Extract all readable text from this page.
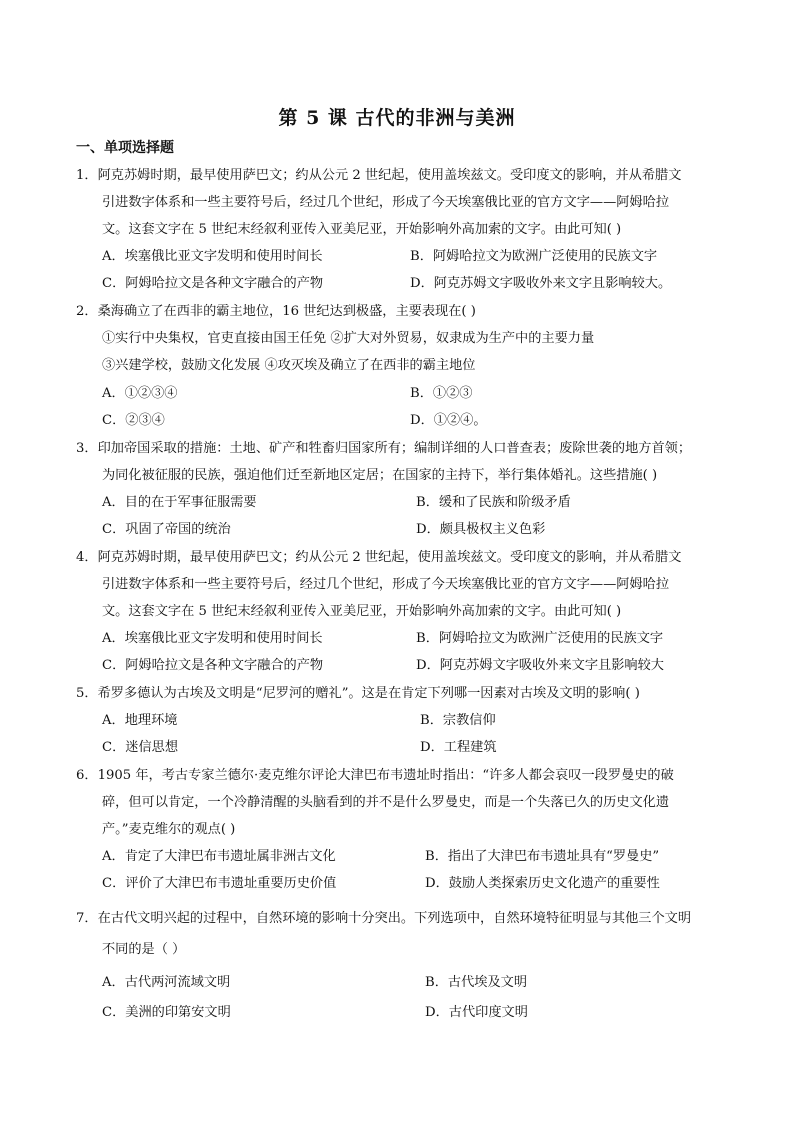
第 5 课 古代的非洲与美洲
一、单项选择题
1．阿克苏姆时期，最早使用萨巴文；约从公元 2 世纪起，使用盖埃兹文。受印度文的影响，并从希腊文
引进数字体系和一些主要符号后，经过几个世纪，形成了今天埃塞俄比亚的官方文字——阿姆哈拉
文。这套文字在 5 世纪末经叙利亚传入亚美尼亚，开始影响外高加索的文字。由此可知( )
A．埃塞俄比亚文字发明和使用时间长	B．阿姆哈拉文为欧洲广泛使用的民族文字
C．阿姆哈拉文是各种文字融合的产物	D．阿克苏姆文字吸收外来文字且影响较大。
2．桑海确立了在西非的霸主地位，16 世纪达到极盛，主要表现在( )
①实行中央集权，官吏直接由国王任免 ②扩大对外贸易，奴隶成为生产中的主要力量
③兴建学校，鼓励文化发展 ④攻灭埃及确立了在西非的霸主地位
A．①②③④	B．①②③
C．②③④	D．①②④。
3．印加帝国采取的措施：土地、矿产和牲畜归国家所有；编制详细的人口普查表；废除世袭的地方首领；
为同化被征服的民族，强迫他们迁至新地区定居；在国家的主持下，举行集体婚礼。这些措施( )
A．目的在于军事征服需要	B．缓和了民族和阶级矛盾
C．巩固了帝国的统治	D．颇具极权主义色彩
4．阿克苏姆时期，最早使用萨巴文；约从公元 2 世纪起，使用盖埃兹文。受印度文的影响，并从希腊文
引进数字体系和一些主要符号后，经过几个世纪，形成了今天埃塞俄比亚的官方文字——阿姆哈拉
文。这套文字在 5 世纪末经叙利亚传入亚美尼亚，开始影响外高加索的文字。由此可知( )
A．埃塞俄比亚文字发明和使用时间长	B．阿姆哈拉文为欧洲广泛使用的民族文字
C．阿姆哈拉文是各种文字融合的产物	D．阿克苏姆文字吸收外来文字且影响较大
5．希罗多德认为古埃及文明是“尼罗河的赠礼”。这是在肯定下列哪一因素对古埃及文明的影响( )
A．地理环境	B．宗教信仰
C．迷信思想	D．工程建筑
6．1905 年，考古专家兰德尔·麦克维尔评论大津巴布韦遗址时指出：“许多人都会哀叹一段罗曼史的破
碎，但可以肯定，一个冷静清醒的头脑看到的并不是什么罗曼史，而是一个失落已久的历史文化遗
产。”麦克维尔的观点( )
A．肯定了大津巴布韦遗址属非洲古文化	B．指出了大津巴布韦遗址具有“罗曼史”
C．评价了大津巴布韦遗址重要历史价值	D．鼓励人类探索历史文化遗产的重要性
7．在古代文明兴起的过程中，自然环境的影响十分突出。下列选项中，自然环境特征明显与其他三个文明
不同的是（ ）
A．古代两河流域文明	B．古代埃及文明
C．美洲的印第安文明	D．古代印度文明
